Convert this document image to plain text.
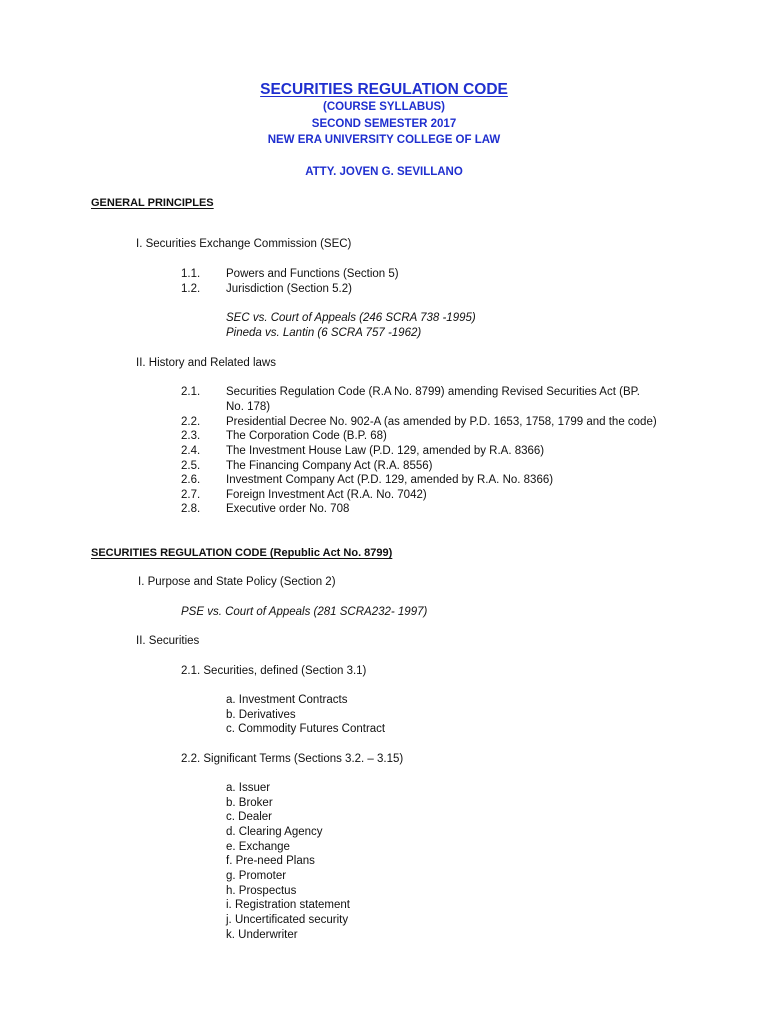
SECURITIES REGULATION CODE
(COURSE SYLLABUS)
SECOND SEMESTER 2017
NEW ERA UNIVERSITY COLLEGE OF LAW
ATTY. JOVEN G. SEVILLANO
GENERAL PRINCIPLES
I. Securities Exchange Commission (SEC)
1.1. Powers and Functions (Section 5)
1.2. Jurisdiction (Section 5.2)
SEC vs. Court of Appeals (246 SCRA 738 -1995)
Pineda vs. Lantin (6 SCRA 757 -1962)
II. History and Related laws
2.1. Securities Regulation Code (R.A No. 8799) amending Revised Securities Act (BP.
No. 178)
2.2. Presidential Decree No. 902-A (as amended by P.D. 1653, 1758, 1799 and the code)
2.3. The Corporation Code (B.P. 68)
2.4. The Investment House Law (P.D. 129, amended by R.A. 8366)
2.5. The Financing Company Act (R.A. 8556)
2.6. Investment Company Act (P.D. 129, amended by R.A. No. 8366)
2.7. Foreign Investment Act (R.A. No. 7042)
2.8. Executive order No. 708
SECURITIES REGULATION CODE (Republic Act No. 8799)
I. Purpose and State Policy (Section 2)
PSE vs. Court of Appeals (281 SCRA232- 1997)
II. Securities
2.1. Securities, defined (Section 3.1)
a. Investment Contracts
b. Derivatives
c. Commodity Futures Contract
2.2. Significant Terms (Sections 3.2. – 3.15)
a. Issuer
b. Broker
c. Dealer
d. Clearing Agency
e. Exchange
f. Pre-need Plans
g. Promoter
h. Prospectus
i. Registration statement
j. Uncertificated security
k. Underwriter
